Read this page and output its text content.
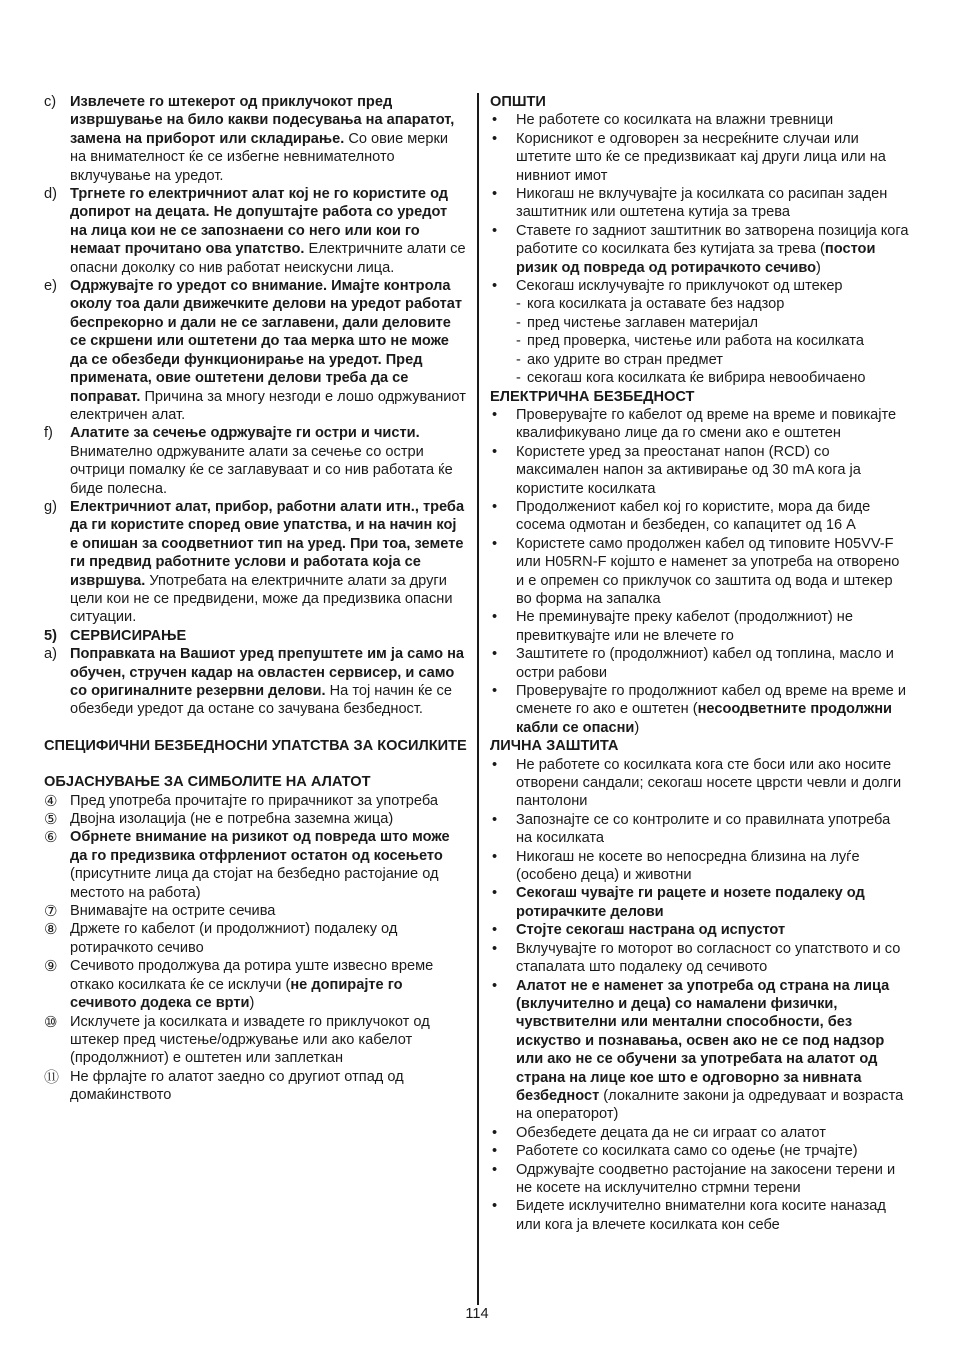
c) Извлечете го штекерот од приклучокот пред извршување на било какви подесувања на апаратот, замена на приборот или складирање. Со овие мерки на внимателност ќе се избегне невнимателното вклучување на уредот.
d) Тргнете го електричниот алат кој не го користите од допирот на децата. Не допуштајте работа со уредот на лица кои не се запознаени со него или кои го немаат прочитано ова упатство. Електричните алати се опасни доколку со нив работат неискусни лица.
e) Одржувајте го уредот со внимание. Имајте контрола околу тоа дали движечките делови на уредот работат беспрекорно и дали не се заглавени, дали деловите се скршени или оштетени до таа мерка што не може да се обезбеди функционирање на уредот. Пред примената, овие оштетени делови треба да се поправат. Причина за многу незгоди е лошо одржуваниот електричен алат.
f)	Алатите за сечење одржувајте ги остри и чисти. Внимателно одржуваните алати за сечење со остри очтрици помалку ќе се заглавуваат и со нив работата ќе биде полесна.
g) Електричниот алат, прибор, работни алати итн., треба да ги користите според овие упатства, и на начин кој е опишан за соодветниот тип на уред. При тоа, земете ги предвид работните услови и работата која се извршува. Употребата на електричните алати за други цели кои не се предвидени, може да предизвика опасни ситуации.
5) СЕРВИСИРАЊЕ
a) Поправката на Вашиот уред препуштете им ја само на обучен, стручен кадар на овластен сервисер, и само со оригиналните резервни делови. На тој начин ќе се обезбеди уредот да остане со зачувана безбедност.
СПЕЦИФИЧНИ БЕЗБЕДНОСНИ УПАТСТВА ЗА КОСИЛКИТЕ
ОБЈАСНУВАЊЕ ЗА СИМБОЛИТЕ НА АЛАТОТ
④ Пред употреба прочитајте го прирачникот за употреба
⑤ Двојна изолација (не е потребна заземна жица)
⑥ Обрнете внимание на ризикот од повреда што може да го предизвика отфрлениот остатон од косењето (присутните лица да стојат на безбедно растојание од местото на работа)
⑦ Внимавајте на острите сечива
⑧ Држете го кабелот (и продолжниот) подалеку од ротирачкото сечиво
⑨ Сечивото продолжува да ротира уште извесно време откако косилката ќе се исклучи (не допирајте го сечивото додека се врти)
⑩ Исклучете ја косилката и извадете го приклучокот од штекер пред чистење/одржување или ако кабелот (продолжниот) е оштетен или заплеткан
⑪ Не фрлајте го алатот заедно со другиот отпад од домаќинството
ОПШТИ
•	Не работете со косилката на влажни тревници
•	Корисникот е одговорен за несреќните случаи или штетите што ќе се предизвикаат кај други лица или на нивниот имот
•	Никогаш не вклучувајте ја косилката со расипан заден заштитник или оштетена кутија за трева
•	Ставете го задниот заштитник во затворена позиција кога работите со косилката без кутијата за трева (постои ризик од повреда од ротирачкото сечиво)
•	Секогаш исклучувајте го приклучокот од штекер
- кога косилката ја оставате без надзор
- пред чистење заглавен материјал
- пред проверка, чистење или работа на косилката
- ако удрите во стран предмет
- секогаш кога косилката ќе вибрира невообичаено
ЕЛЕКТРИЧНА БЕЗБЕДНОСТ
•	Проверувајте го кабелот од време на време и повикајте квалификувано лице да го смени ако е оштетен
•	Користете уред за преостанат напон (RCD) со максимален напон за активирање од 30 mA кога ја користите косилката
•	Продолжениот кабел кој го користите, мора да биде сосема одмотан и безбеден, со капацитет од 16 A
•	Користете само продолжен кабел од типовите H05VV-F или H05RN-F којшто е наменет за употреба на отворено и е опремен со приклучок со заштита од вода и штекер во форма на запалка
•	Не преминувајте преку кабелот (продолжниот) не превиткувајте или не влечете го
•	Заштитете го (продолжниот) кабел од топлина, масло и остри рабови
•	Проверувајте го продолжниот кабел од време на време и сменете го ако е оштетен (несоодветните продолжни кабли се опасни)
ЛИЧНА ЗАШТИТА
•	Не работете со косилката кога сте боси или ако носите отворени сандали; секогаш носете цврсти чевли и долги пантолони
•	Запознајте се со контролите и со правилната употреба на косилката
•	Никогаш не косете во непосредна близина на луѓе (особено деца) и животни
•	Секогаш чувајте ги рацете и нозете подалеку од ротирачките делови
•	Стојте секогаш настрана од испустот
•	Вклучувајте го моторот во согласност со упатството и со стапалата што подалеку од сечивото
•	Алатот не е наменет за употреба од страна на лица (вклучително и деца) со намалени физички, чувствителни или ментални способности, без искуство и познавања, освен ако не се под надзор или ако не се обучени за употребата на алатот од страна на лице кое што е одговорно за нивната безбедност (локалните закони ја одредуваат и возраста на операторот)
•	Обезбедете децата да не си играат со алатот
•	Работете со косилката само со одење (не трчајте)
•	Одржувајте соодветно растојание на закосени терени и не косете на исклучително стрмни терени
•	Бидете исклучително внимателни кога косите наназад или кога ја влечете косилката кон себе
114
